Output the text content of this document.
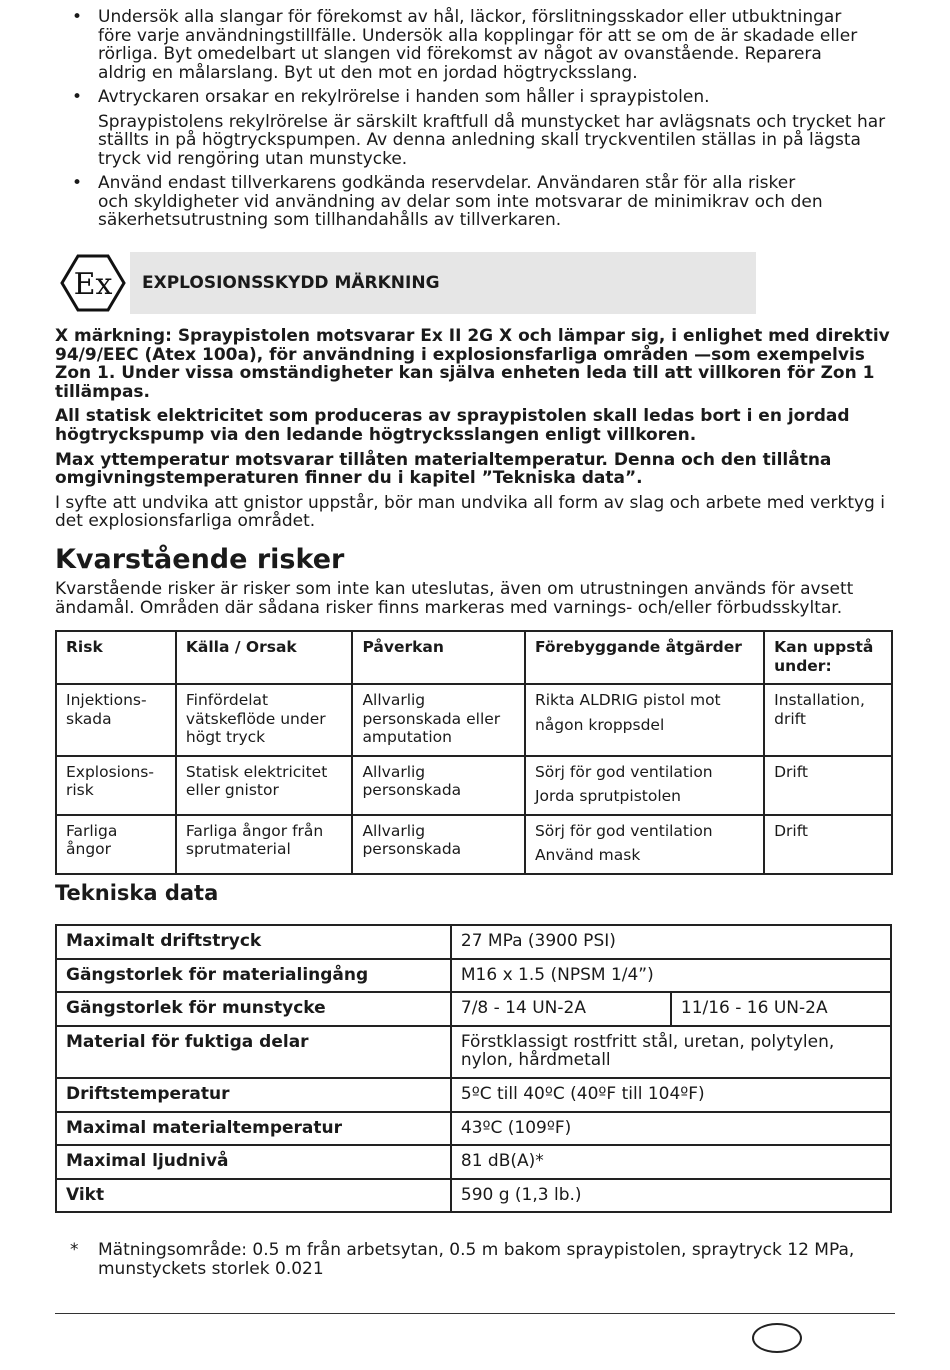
• Undersök alla slangar för förekomst av hål, läckor, förslitningsskador eller utbuktningar
före varje användningstillfälle. Undersök alla kopplingar för att se om de är skadade eller
rörliga. Byt omedelbart ut slangen vid förekomst av något av ovanstående. Reparera
aldrig en målarslang. Byt ut den mot en jordad högtrycksslang.
• Avtryckaren orsakar en rekylrörelse i handen som håller i spraypistolen.
Spraypistolens rekylrörelse är särskilt kraftfull då munstycket har avlägsnats och trycket har
ställts in på högtryckspumpen. Av denna anledning skall tryckventilen ställas in på lägsta
tryck vid rengöring utan munstycke.
• Använd endast tillverkarens godkända reservdelar. Användaren står för alla risker
och skyldigheter vid användning av delar som inte motsvarar de minimikrav och den
säkerhetsutrustning som tillhandahålls av tillverkaren.
Ex EXPLOSIONSSKYDD MÄRKNING

X märkning: Spraypistolen motsvarar Ex II 2G X och lämpar sig, i enlighet med direktiv
94/9/EEC (Atex 100a), för användning i explosionsfarliga områden —som exempelvis
Zon 1. Under vissa omständigheter kan själva enheten leda till att villkoren för Zon 1
tillämpas.

All statisk elektricitet som produceras av spraypistolen skall ledas bort i en jordad
högtryckspump via den ledande högtrycksslangen enligt villkoren.

Max yttemperatur motsvarar tillåten materialtemperatur. Denna och den tillåtna
omgivningstemperaturen finner du i kapitel ”Tekniska data”.

I syfte att undvika att gnistor uppstår, bör man undvika all form av slag och arbete med verktyg i
det explosionsfarliga området.

Kvarstående risker
Kvarstående risker är risker som inte kan uteslutas, även om utrustningen används för avsett
ändamål. Områden där sådana risker finns markeras med varnings- och/eller förbudsskyltar.
Risk	Källa / Orsak	Påverkan	Förebyggande åtgärder	Kan uppstå
under:

Injektions-
skada	Finfördelat
vätskeflöde under
högt tryck	Allvarlig
personskada eller
amputation	Rikta ALDRIG pistol mot
någon kroppsdel	Installation,
drift

Explosions-
risk	Statisk elektricitet
eller gnistor	Allvarlig
personskada	Sörj för god ventilation
Jorda sprutpistolen	Drift

Farliga
ångor	Farliga ångor från
sprutmaterial	Allvarlig
personskada	Sörj för god ventilation
Använd mask	Drift
Tekniska data
Maximalt driftstryck	27 MPa (3900 PSI)	
Gängstorlek för materialingång	M16 x 1.5 (NPSM 1/4”)	
Gängstorlek för munstycke	7/8 - 14 UN-2A	11/16 - 16 UN-2A
Material för fuktiga delar	Förstklassigt rostfritt stål, uretan, polytylen,
nylon, hårdmetall	
Driftstemperatur	5ºC till 40ºC (40ºF till 104ºF)	
Maximal materialtemperatur	43ºC (109ºF)	
Maximal ljudnivå	81 dB(A)*	
Vikt	590 g (1,3 lb.)	
* Mätningsområde: 0.5 m från arbetsytan, 0.5 m bakom spraypistolen, spraytryck 12 MPa,
munstyckets storlek 0.021
